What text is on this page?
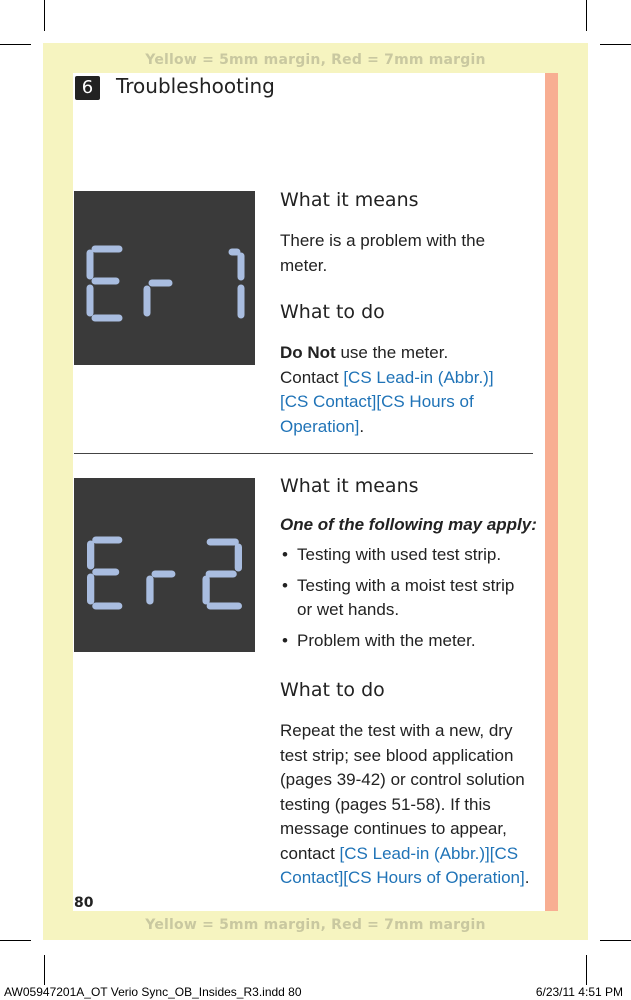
Yellow = 5mm margin, Red = 7mm margin
Yellow = 5mm margin, Red = 7mm margin
6	Troubleshooting
What it means
There is a problem with the meter.
What to do
Do Not use the meter.
Contact [CS Lead-in (Abbr.)][CS Contact][CS Hours of Operation].
What it means
One of the following may apply:
• Testing with used test strip.
• Testing with a moist test strip or wet hands.
• Problem with the meter.
What to do
Repeat the test with a new, dry test strip; see blood application (pages 39-42) or control solution testing (pages 51-58). If this message continues to appear, contact [CS Lead-in (Abbr.)][CS Contact][CS Hours of Operation].
80
AW05947201A_OT Verio Sync_OB_Insides_R3.indd 80	6/23/11 4:51 PM
